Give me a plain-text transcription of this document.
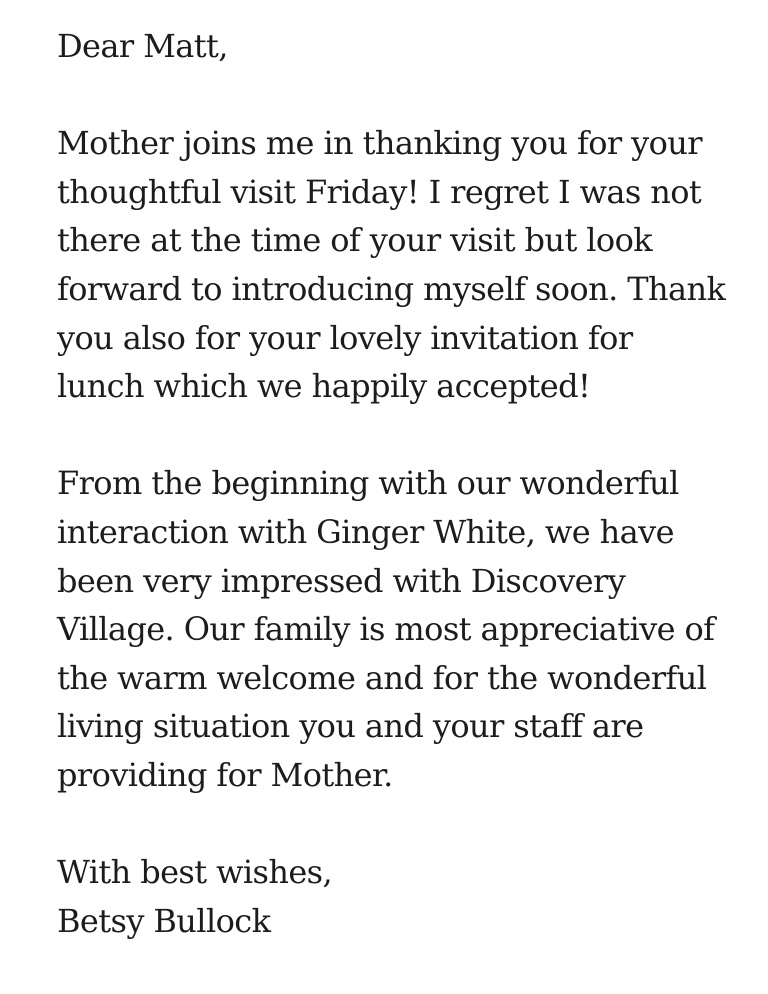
Dear Matt,
Mother joins me in thanking you for your
thoughtful visit Friday! I regret I was not
there at the time of your visit but look
forward to introducing myself soon. Thank
you also for your lovely invitation for
lunch which we happily accepted!
From the beginning with our wonderful
interaction with Ginger White, we have
been very impressed with Discovery
Village. Our family is most appreciative of
the warm welcome and for the wonderful
living situation you and your staff are
providing for Mother.
With best wishes,
Betsy Bullock
